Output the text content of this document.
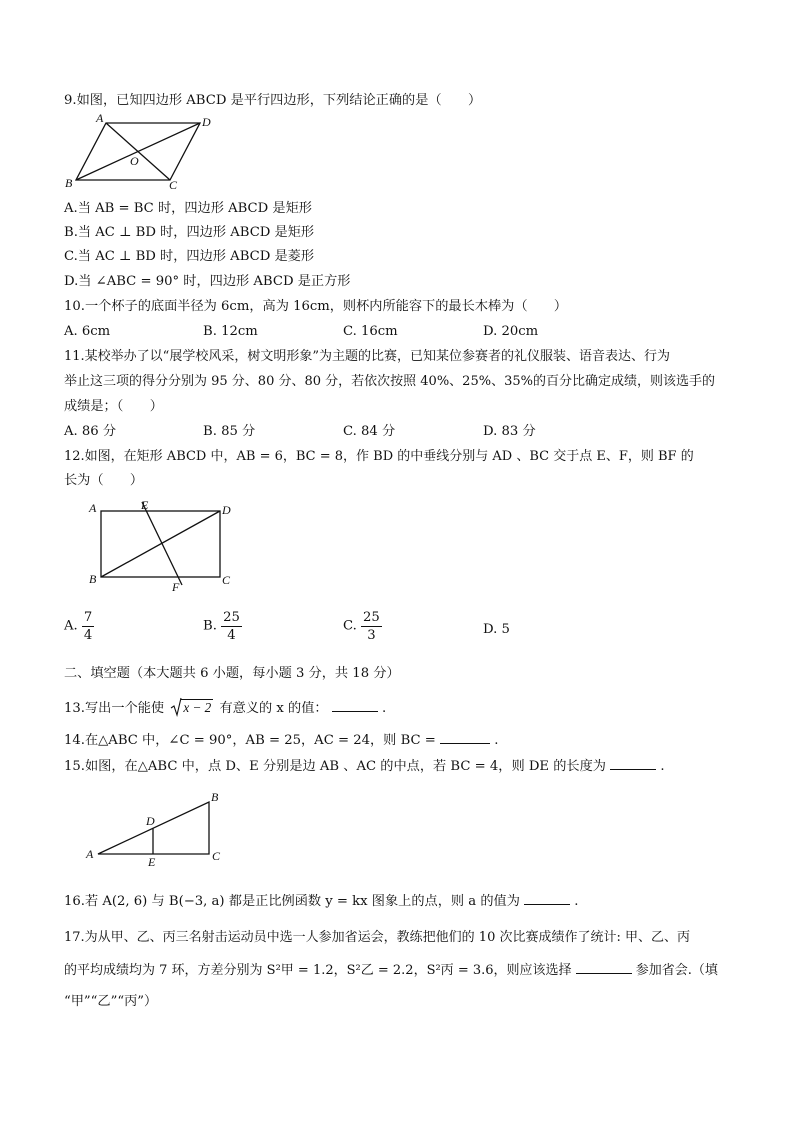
9.如图，已知四边形 ABCD 是平行四边形，下列结论正确的是（　　）
A	D
B	C
O
A.当 AB = BC 时，四边形 ABCD 是矩形
B.当 AC ⊥ BD 时，四边形 ABCD 是矩形
C.当 AC ⊥ BD 时，四边形 ABCD 是菱形
D.当 ∠ABC = 90° 时，四边形 ABCD 是正方形
10.一个杯子的底面半径为 6cm，高为 16cm，则杯内所能容下的最长木棒为（　　）
A. 6cm	B. 12cm	C. 16cm	D. 20cm
11.某校举办了以“展学校风采，树文明形象”为主题的比赛，已知某位参赛者的礼仪服装、语音表达、行为
举止这三项的得分分别为 95 分、80 分、80 分，若依次按照 40%、25%、35%的百分比确定成绩，则该选手的
成绩是；（　　）
A. 86 分	B. 85 分	C. 84 分	D. 83 分
12.如图，在矩形 ABCD 中，AB = 6，BC = 8，作 BD 的中垂线分别与 AD 、BC 交于点 E、F，则 BF 的
长为（　　）
A	E	D
B	C
F
A. $\frac{7}{4}$	B. $\frac{25}{4}$	C. $\frac{25}{3}$	D. 5
二、填空题（本大题共 6 小题，每小题 3 分，共 18 分）
13.写出一个能使 x − 2 有意义的 x 的值：	.
14.在△ABC 中，∠C = 90°，AB = 25，AC = 24，则 BC =	.
15.如图，在△ABC 中，点 D、E 分别是边 AB 、AC 的中点，若 BC = 4，则 DE 的长度为	.
A
B
C
D
E
16.若 A(2, 6) 与 B(−3, a) 都是正比例函数 y = kx 图象上的点，则 a 的值为	.
17.为从甲、乙、丙三名射击运动员中选一人参加省运会，教练把他们的 10 次比赛成绩作了统计: 甲、乙、丙
的平均成绩均为 7 环，方差分别为 S²甲 = 1.2，S²乙 = 2.2，S²丙 = 3.6，则应该选择	参加省会.（填
“甲”“乙”“丙”）
